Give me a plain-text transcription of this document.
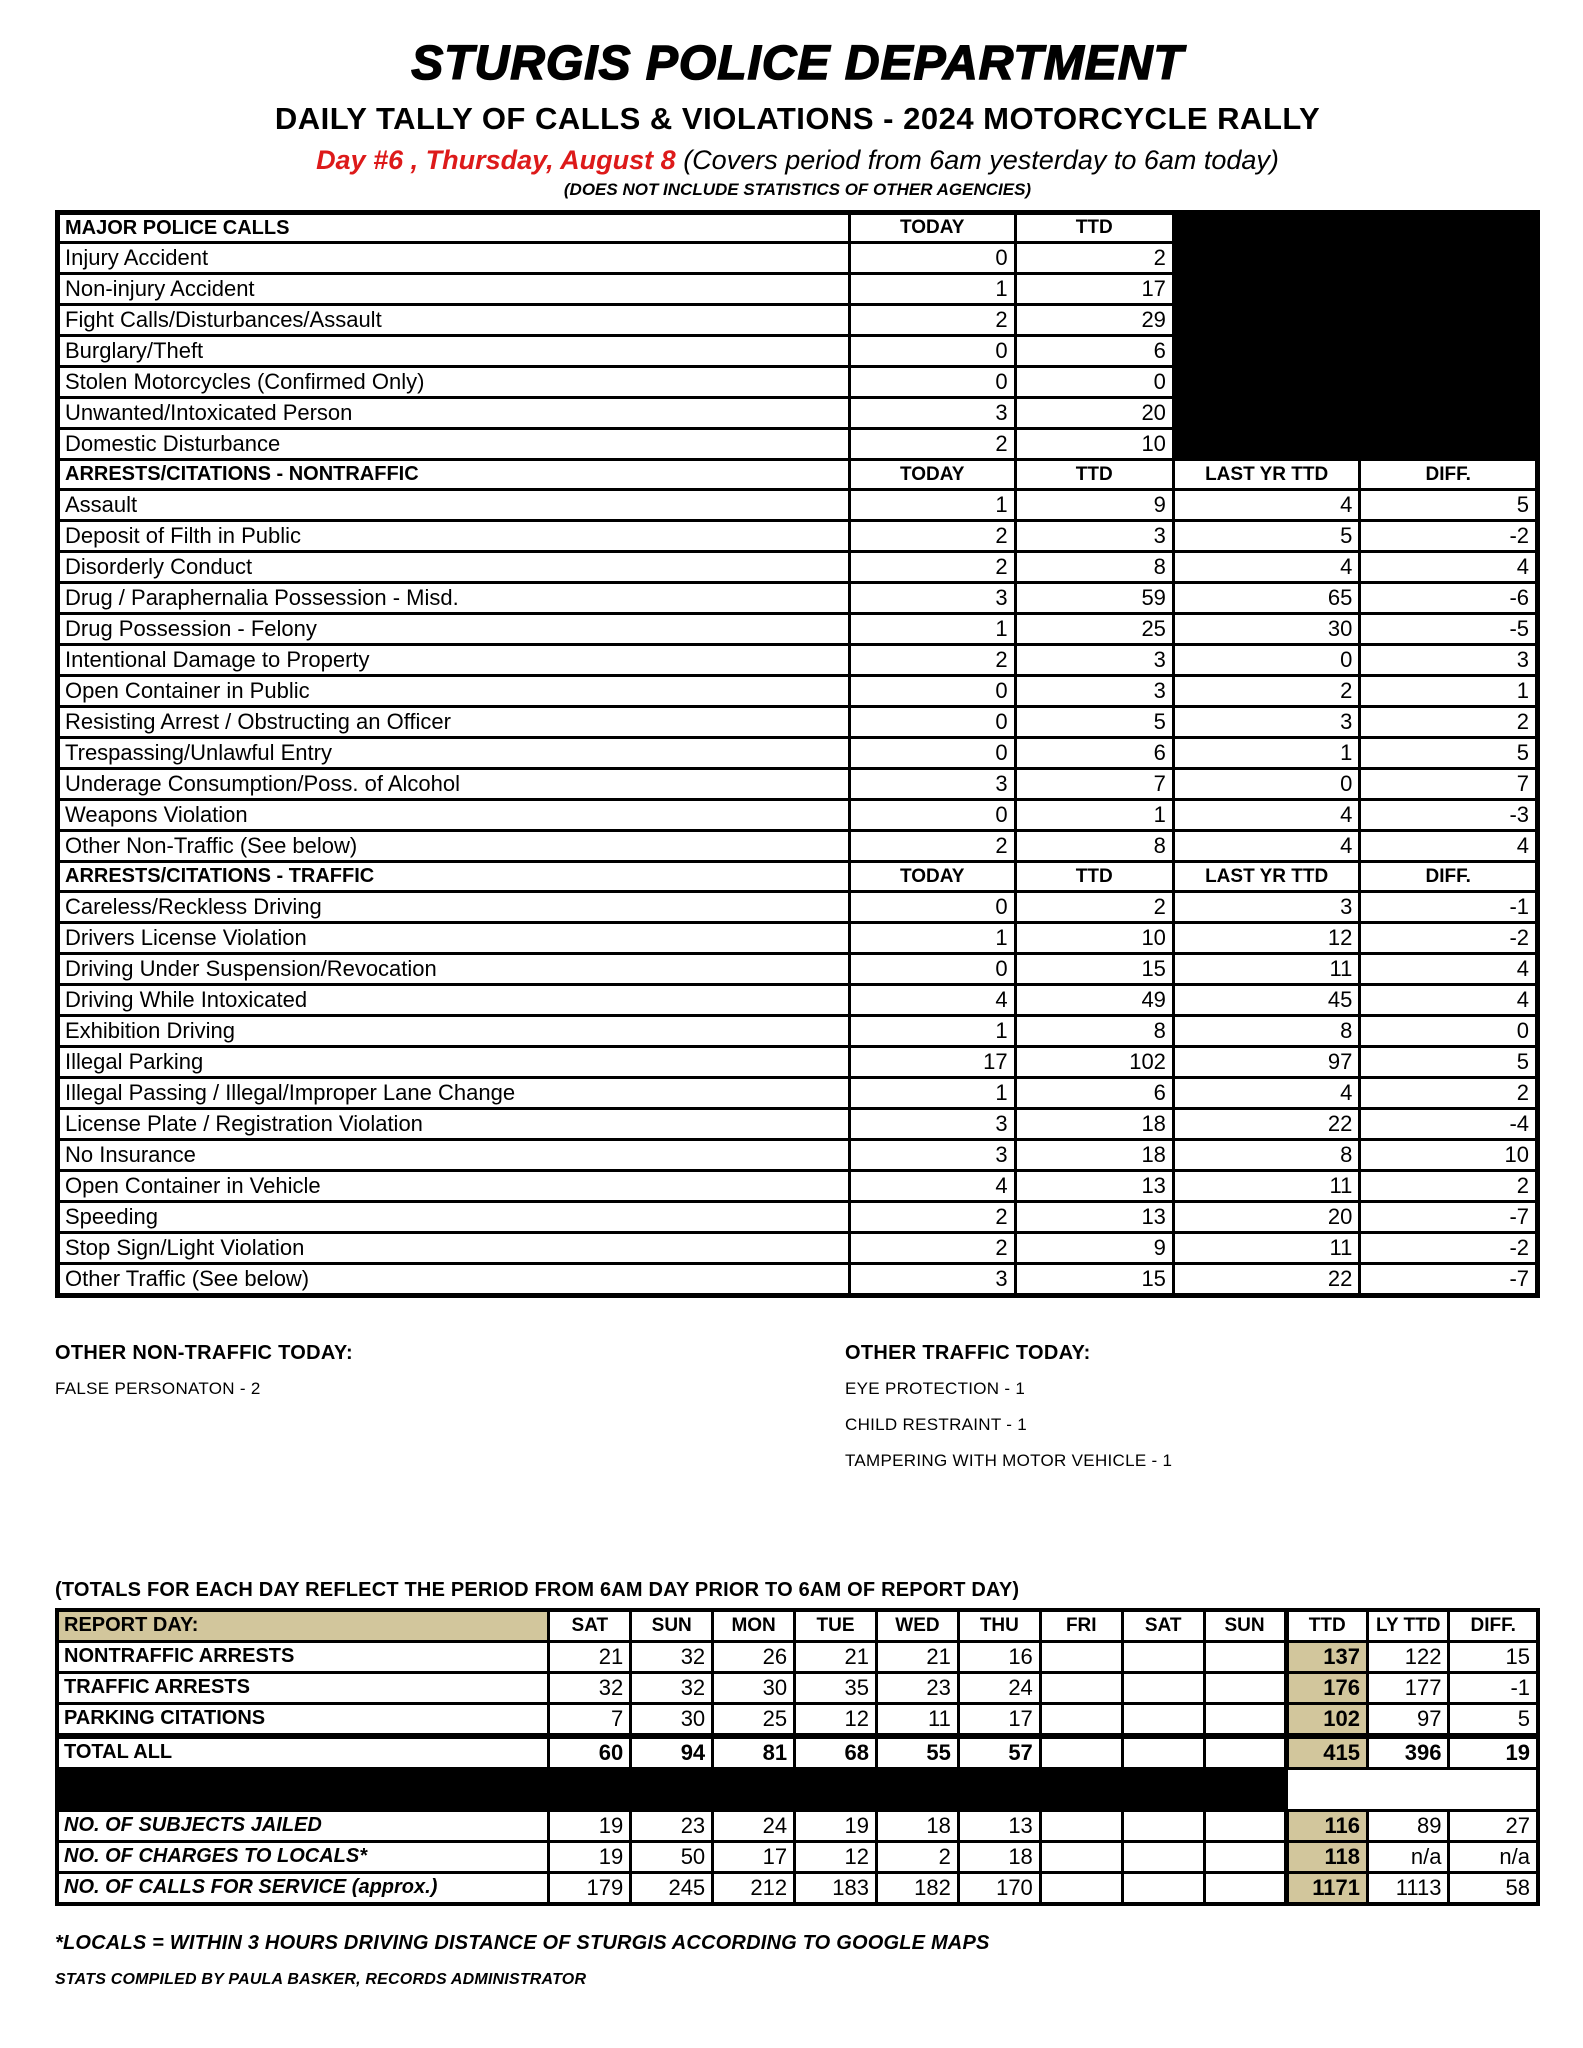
STURGIS POLICE DEPARTMENT
DAILY TALLY OF CALLS & VIOLATIONS - 2024 MOTORCYCLE RALLY
Day #6 , Thursday, August 8 (Covers period from 6am yesterday to 6am today)
(DOES NOT INCLUDE STATISTICS OF OTHER AGENCIES)
MAJOR POLICE CALLS	TODAY	TTD		
Injury Accident	0	2		
Non-injury Accident	1	17		
Fight Calls/Disturbances/Assault	2	29		
Burglary/Theft	0	6		
Stolen Motorcycles (Confirmed Only)	0	0		
Unwanted/Intoxicated Person	3	20		
Domestic Disturbance	2	10		
ARRESTS/CITATIONS - NONTRAFFIC	TODAY	TTD	LAST YR TTD	DIFF.
Assault	1	9	4	5
Deposit of Filth in Public	2	3	5	-2
Disorderly Conduct	2	8	4	4
Drug / Paraphernalia Possession - Misd.	3	59	65	-6
Drug Possession - Felony	1	25	30	-5
Intentional Damage to Property	2	3	0	3
Open Container in Public	0	3	2	1
Resisting Arrest / Obstructing an Officer	0	5	3	2
Trespassing/Unlawful Entry	0	6	1	5
Underage Consumption/Poss. of Alcohol	3	7	0	7
Weapons Violation	0	1	4	-3
Other Non-Traffic (See below)	2	8	4	4
ARRESTS/CITATIONS - TRAFFIC	TODAY	TTD	LAST YR TTD	DIFF.
Careless/Reckless Driving	0	2	3	-1
Drivers License Violation	1	10	12	-2
Driving Under Suspension/Revocation	0	15	11	4
Driving While Intoxicated	4	49	45	4
Exhibition Driving	1	8	8	0
Illegal Parking	17	102	97	5
Illegal Passing / Illegal/Improper Lane Change	1	6	4	2
License Plate / Registration Violation	3	18	22	-4
No Insurance	3	18	8	10
Open Container in Vehicle	4	13	11	2
Speeding	2	13	20	-7
Stop Sign/Light Violation	2	9	11	-2
Other Traffic (See below)	3	15	22	-7
OTHER NON-TRAFFIC TODAY:
FALSE PERSONATON - 2
OTHER TRAFFIC TODAY:
EYE PROTECTION - 1
CHILD RESTRAINT - 1
TAMPERING WITH MOTOR VEHICLE - 1
(TOTALS FOR EACH DAY REFLECT THE PERIOD FROM 6AM DAY PRIOR TO 6AM OF REPORT DAY)
REPORT DAY:	SAT	SUN	MON	TUE	WED	THU	FRI	SAT	SUN	TTD	LY TTD	DIFF.
NONTRAFFIC ARRESTS	21	32	26	21	21	16				137	122	15
TRAFFIC ARRESTS	32	32	30	35	23	24				176	177	-1
PARKING CITATIONS	7	30	25	12	11	17				102	97	5
TOTAL ALL	60	94	81	68	55	57				415	396	19

NO. OF SUBJECTS JAILED	19	23	24	19	18	13				116	89	27
NO. OF CHARGES TO LOCALS*	19	50	17	12	2	18				118	n/a	n/a
NO. OF CALLS FOR SERVICE (approx.)	179	245	212	183	182	170				1171	1113	58
*LOCALS = WITHIN 3 HOURS DRIVING DISTANCE OF STURGIS ACCORDING TO GOOGLE MAPS
STATS COMPILED BY PAULA BASKER, RECORDS ADMINISTRATOR
